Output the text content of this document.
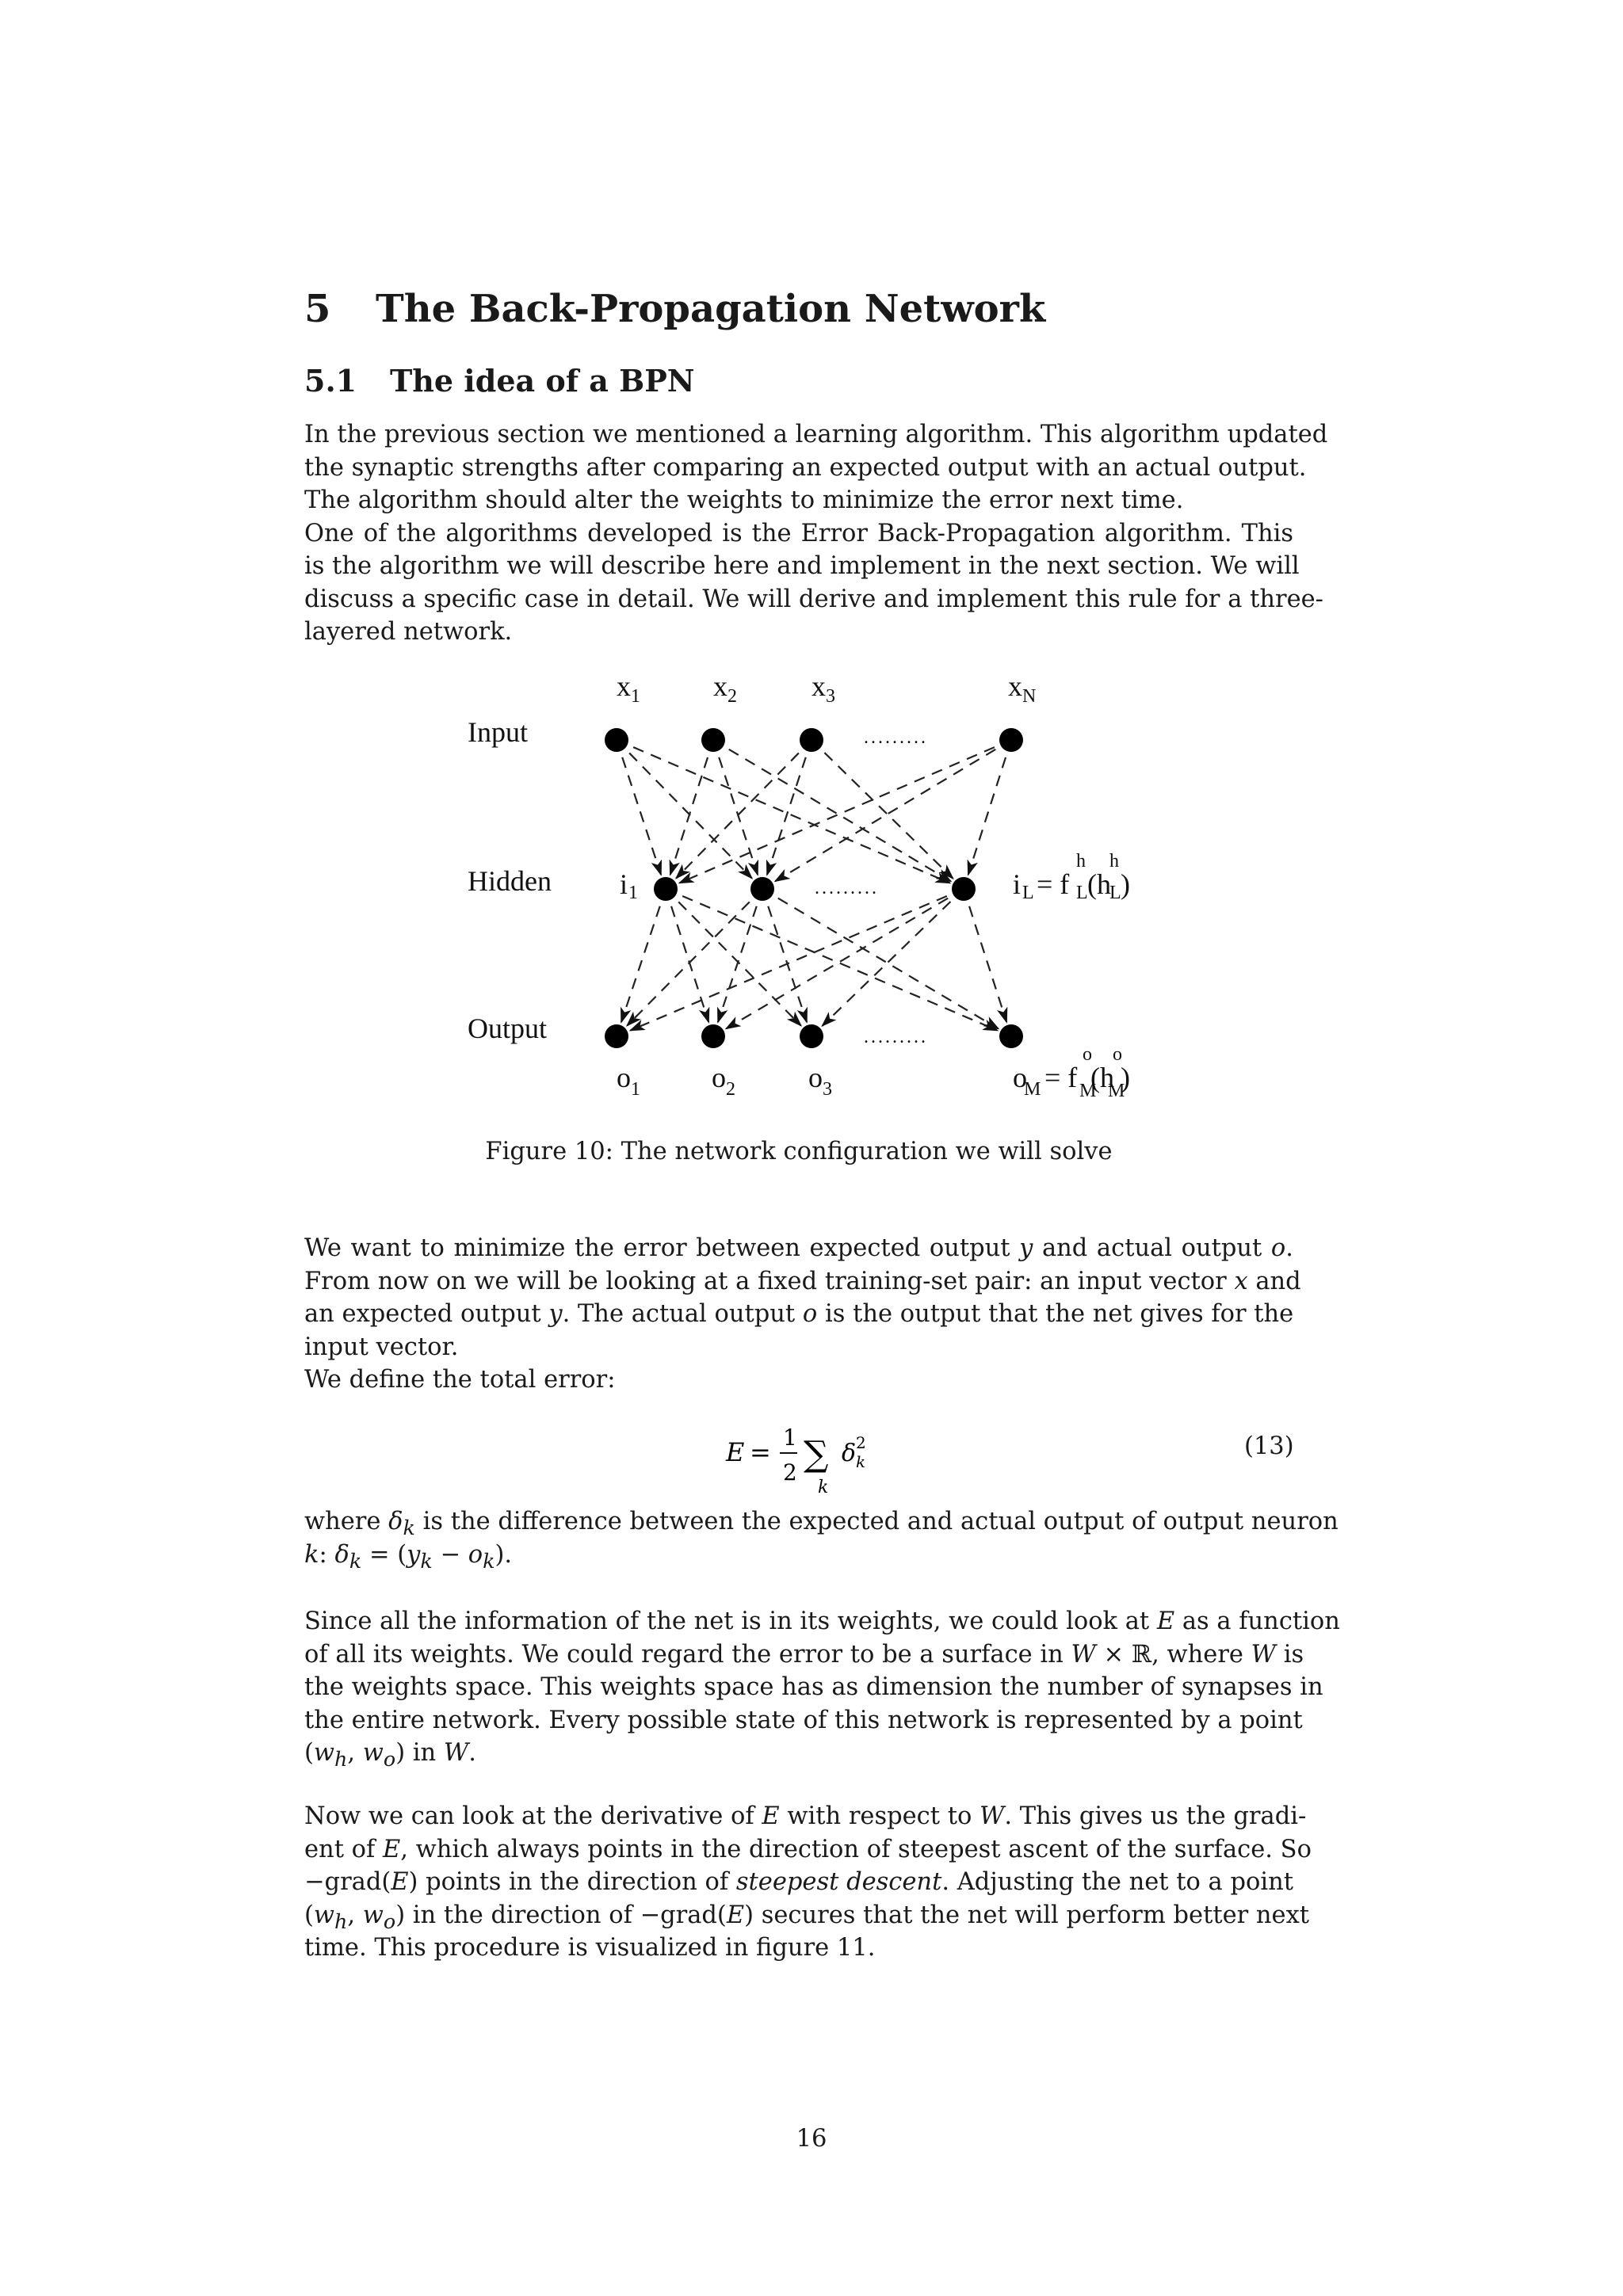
5 The Back-Propagation Network
5.1 The idea of a BPN
In the previous section we mentioned a learning algorithm. This algorithm updated
the synaptic strengths after comparing an expected output with an actual output.
The algorithm should alter the weights to minimize the error next time.
One of the algorithms developed is the Error Back-Propagation algorithm. This
is the algorithm we will describe here and implement in the next section. We will
discuss a specific case in detail. We will derive and implement this rule for a three-
layered network.
Input
Hidden
Output
x 1	x 2	x 3	x N
.........
i 1	.........	i L = f L
h
(h
L
h
)
o 1	o 2	o 3
.........
o
M = f M
o
(h
M
o
)
Figure 10: The network configuration we will solve
We want to minimize the error between expected output y and actual output o.
From now on we will be looking at a fixed training-set pair: an input vector x and
an expected output y. The actual output o is the output that the net gives for the
input vector.
We define the total error:
E = 1
2 ∑
k
δ 2
k
(13)
where $\delta_k$ is the difference between the expected and actual output of output neuron
k: $\delta_k = (y_k - o_k)$.
Since all the information of the net is in its weights, we could look at E as a function
of all its weights. We could regard the error to be a surface in W × ℝ, where W is
the weights space. This weights space has as dimension the number of synapses in
the entire network. Every possible state of this network is represented by a point
($w_h$, $w_o$) in W.
Now we can look at the derivative of E with respect to W. This gives us the gradi-
ent of E, which always points in the direction of steepest ascent of the surface. So
−grad(E) points in the direction of steepest descent. Adjusting the net to a point
($w_h$, $w_o$) in the direction of −grad(E) secures that the net will perform better next
time. This procedure is visualized in figure 11.
16
